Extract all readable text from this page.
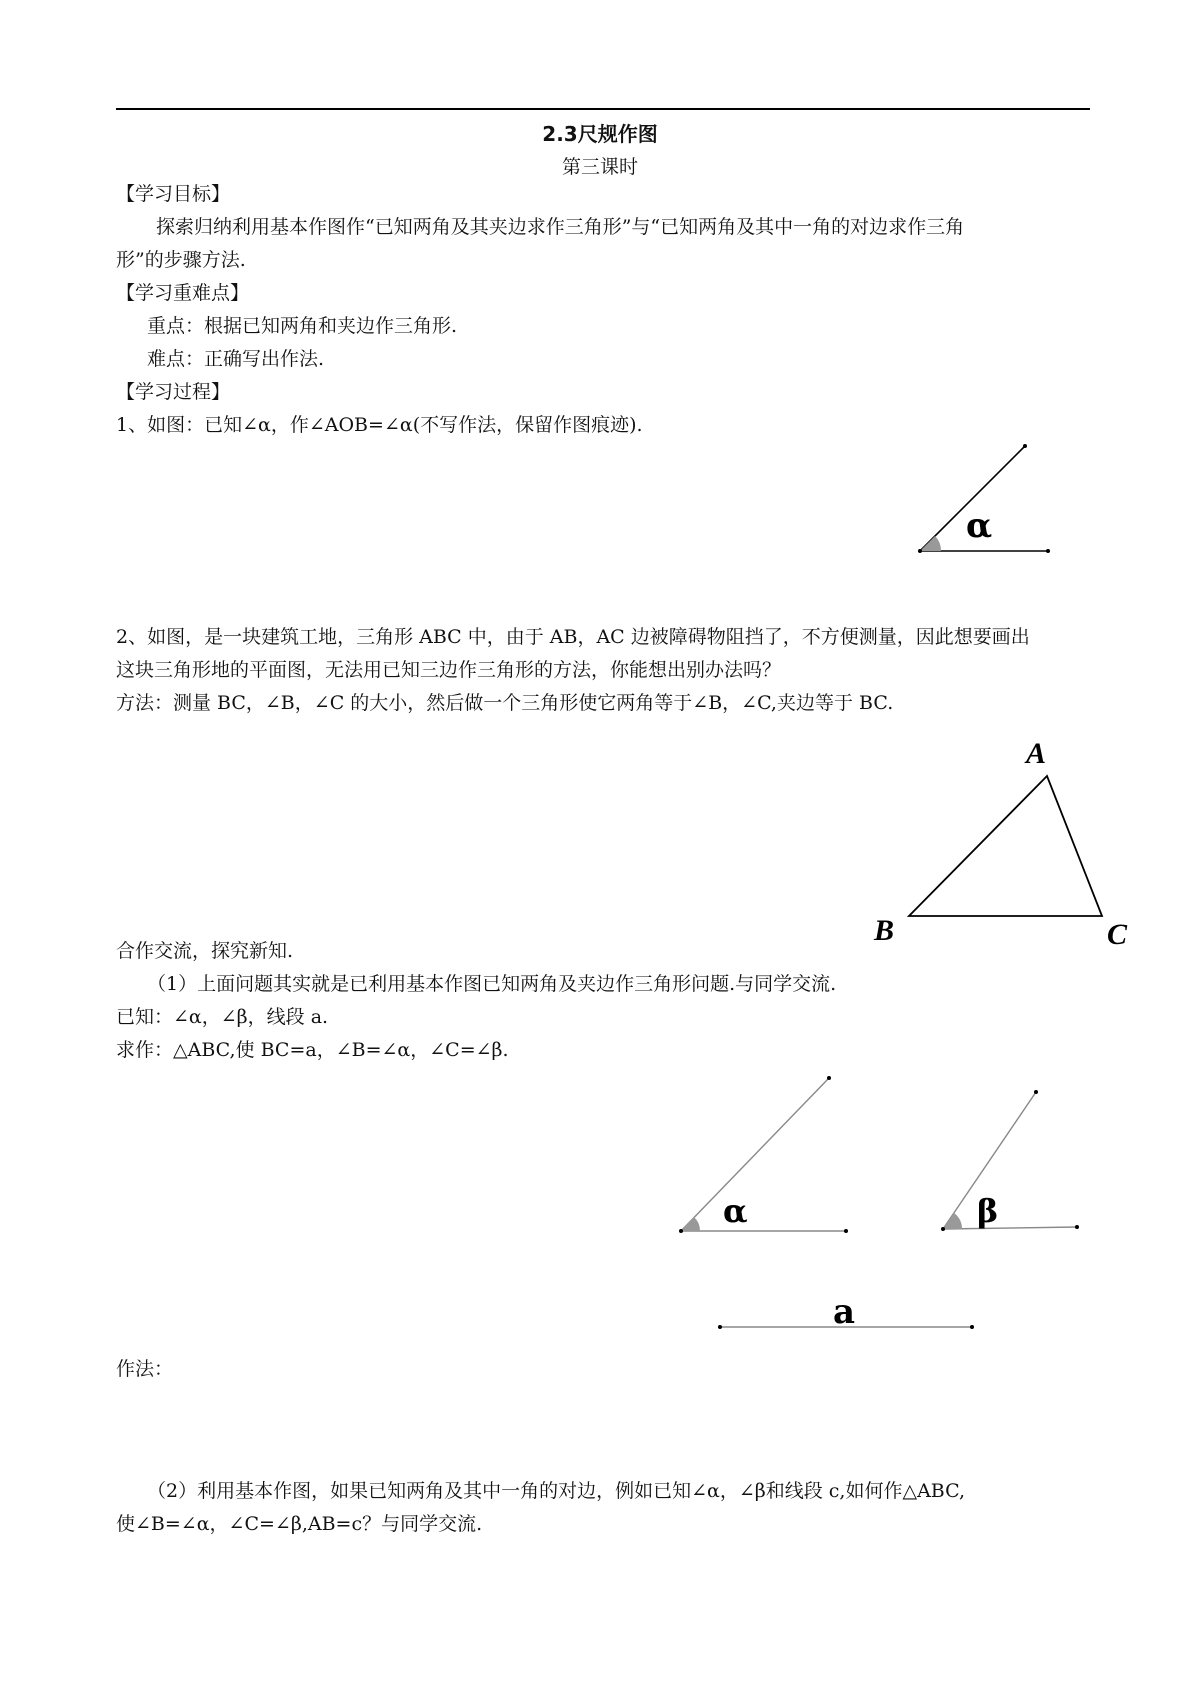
2.3尺规作图
第三课时
【学习目标】
探索归纳利用基本作图作“已知两角及其夹边求作三角形”与“已知两角及其中一角的对边求作三角
形”的步骤方法.
【学习重难点】
重点：根据已知两角和夹边作三角形.
难点：正确写出作法.
【学习过程】
1、如图：已知∠α，作∠AOB=∠α(不写作法，保留作图痕迹).
α
2、如图，是一块建筑工地，三角形 ABC 中，由于 AB，AC 边被障碍物阻挡了，不方便测量，因此想要画出
这块三角形地的平面图，无法用已知三边作三角形的方法，你能想出别办法吗？
方法：测量 BC，∠B，∠C 的大小，然后做一个三角形使它两角等于∠B，∠C,夹边等于 BC.
A
B	C
合作交流，探究新知.
（1）上面问题其实就是已利用基本作图已知两角及夹边作三角形问题.与同学交流.
已知：∠α，∠β，线段 a.
求作：△ABC,使 BC=a，∠B=∠α，∠C=∠β.
α	β
a
作法：
（2）利用基本作图，如果已知两角及其中一角的对边，例如已知∠α，∠β和线段 c,如何作△ABC,
使∠B=∠α，∠C=∠β,AB=c？与同学交流.
